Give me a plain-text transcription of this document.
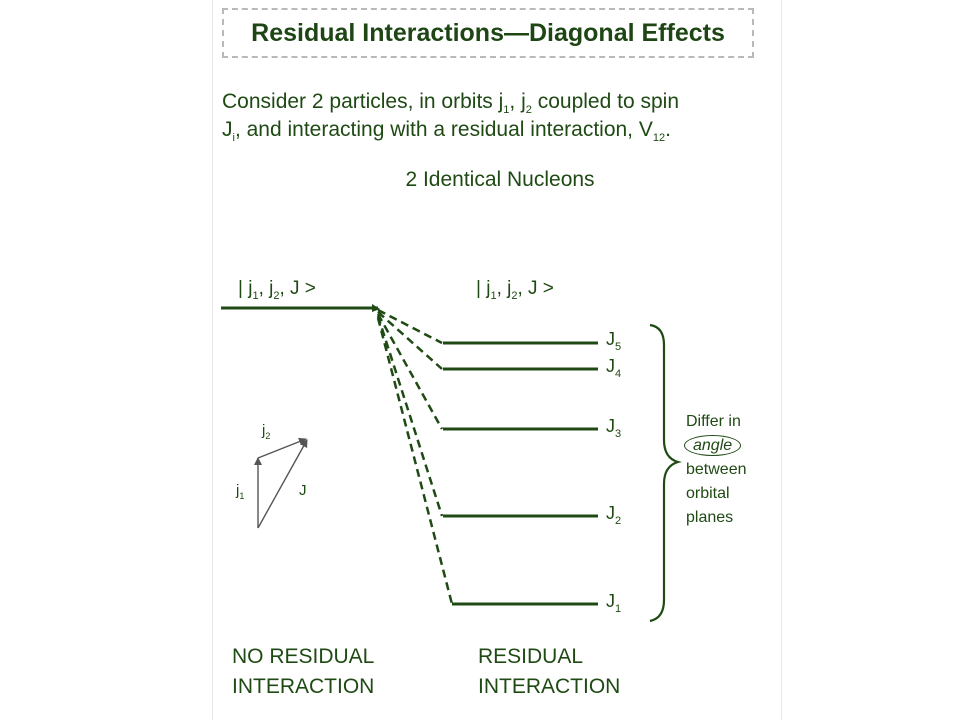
Residual Interactions—Diagonal Effects
Consider 2 particles, in orbits $j_1$, $j_2$ coupled to spin
$J_i$, and interacting with a residual interaction, $V_{12}$.
2 Identical Nucleons
| $j_1$, $j_2$, J >	| $j_1$, $j_2$, J >
$J_5$
$J_4$
$J_3$
$J_2$
$J_1$
$j_2$
$j_1$	J
Differ in
angle
between
orbital
planes
NO RESIDUAL
INTERACTION
RESIDUAL
INTERACTION
